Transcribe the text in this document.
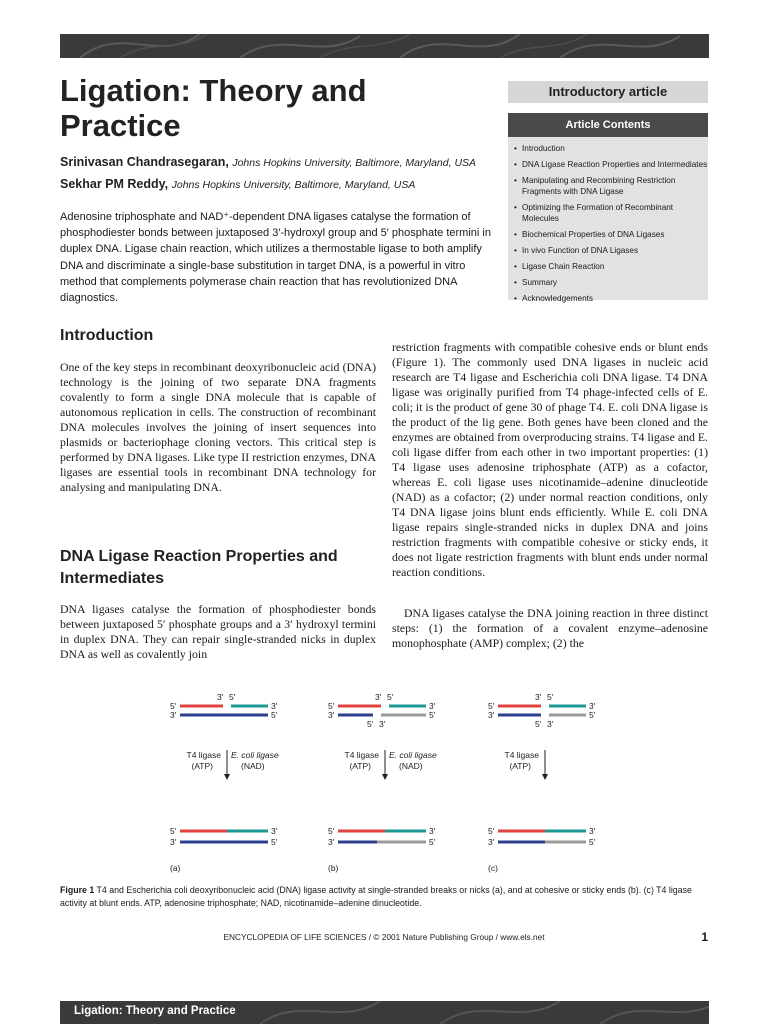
Ligation: Theory and Practice
Srinivasan Chandrasegaran, Johns Hopkins University, Baltimore, Maryland, USA
Sekhar PM Reddy, Johns Hopkins University, Baltimore, Maryland, USA

Adenosine triphosphate and NAD⁺-dependent DNA ligases catalyse the formation of phosphodiester bonds between juxtaposed 3′-hydroxyl group and 5′ phosphate termini in duplex DNA. Ligase chain reaction, which utilizes a thermostable ligase to both amplify DNA and discriminate a single-base substitution in target DNA, is a powerful in vitro method that complements polymerase chain reaction that has revolutionized DNA diagnostics.

Introductory article
Article Contents
• Introduction
• DNA Ligase Reaction Properties and Intermediates
• Manipulating and Recombining Restriction Fragments with DNA Ligase
• Optimizing the Formation of Recombinant Molecules
• Biochemical Properties of DNA Ligases
• In vivo Function of DNA Ligases
• Ligase Chain Reaction
• Summary
• Acknowledgements
Introduction

One of the key steps in recombinant deoxyribonucleic acid (DNA) technology is the joining of two separate DNA fragments covalently to form a single DNA molecule that is capable of autonomous replication in cells. The construction of recombinant DNA molecules involves the joining of insert sequences into plasmids or bacteriophage cloning vectors. This critical step is performed by DNA ligases. Like type II restriction enzymes, DNA ligases are essential tools in recombinant DNA technology for analysing and manipulating DNA.

DNA Ligase Reaction Properties and Intermediates

DNA ligases catalyse the formation of phosphodiester bonds between juxtaposed 5′ phosphate groups and a 3′ hydroxyl termini in duplex DNA. They can repair single-stranded nicks in duplex DNA as well as covalently join

restriction fragments with compatible cohesive ends or blunt ends (Figure 1). The commonly used DNA ligases in nucleic acid research are T4 ligase and Escherichia coli DNA ligase. T4 DNA ligase was originally purified from T4 phage-infected cells of E. coli; it is the product of gene 30 of phage T4. E. coli DNA ligase is the product of the lig gene. Both genes have been cloned and the enzymes are obtained from overproducing strains. T4 ligase and E. coli ligase differ from each other in two important properties: (1) T4 ligase uses adenosine triphosphate (ATP) as a cofactor, whereas E. coli ligase uses nicotinamide–adenine dinucleotide (NAD) as a cofactor; (2) under normal reaction conditions, only T4 DNA ligase joins blunt ends efficiently. While E. coli DNA ligase repairs single-stranded nicks in duplex DNA and joins restriction fragments with compatible cohesive or sticky ends, it does not ligate restriction fragments with blunt ends under normal reaction conditions.

DNA ligases catalyse the DNA joining reaction in three distinct steps: (1) the formation of a covalent enzyme–adenosine monophosphate (AMP) complex; (2) the

5′
3′
3′ 5′
3′
5′
T4 ligase
(ATP)
E. coli ligase
(NAD)
5′
3′
3′
5′
(a)
5′
3′
3′ 5′
5′ 3′
3′
5′
T4 ligase
(ATP)
E. coli ligase
(NAD)
5′
3′
3′
5′
(b)
5′
3′
3′ 5′
5′ 3′
3′
5′
T4 ligase
(ATP)
5′
3′
3′
5′
(c)

Figure 1 T4 and Escherichia coli deoxyribonucleic acid (DNA) ligase activity at single-stranded breaks or nicks (a), and at cohesive or sticky ends (b). (c) T4 ligase activity at blunt ends. ATP, adenosine triphosphate; NAD, nicotinamide–adenine dinucleotide.

ENCYCLOPEDIA OF LIFE SCIENCES / © 2001 Nature Publishing Group / www.els.net	1
Ligation: Theory and Practice
